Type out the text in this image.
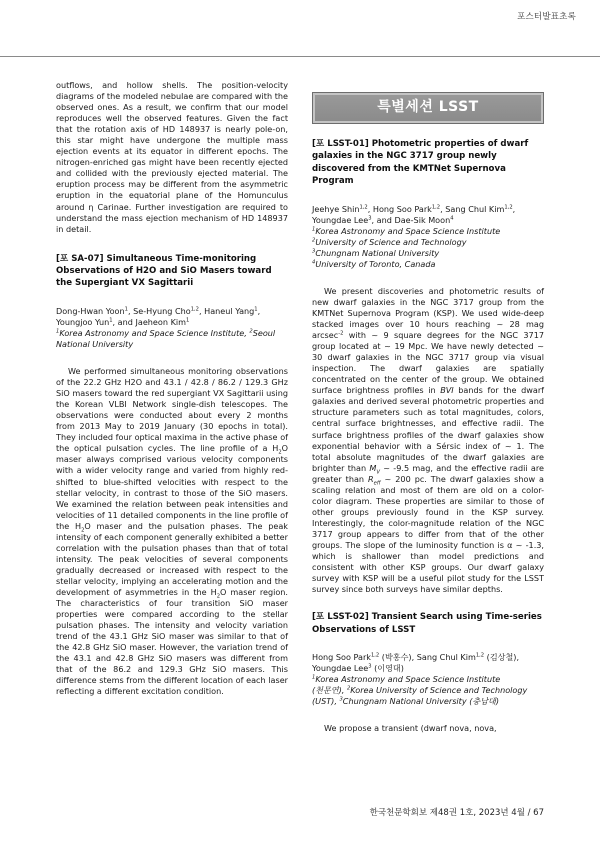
포스터발표초록

outflows, and hollow shells. The position-velocity diagrams of the modeled nebulae are compared with the observed ones. As a result, we confirm that our model reproduces well the observed features. Given the fact that the rotation axis of HD 148937 is nearly pole-on, this star might have undergone the multiple mass ejection events at its equator in different epochs. The nitrogen-enriched gas might have been recently ejected and collided with the previously ejected material. The eruption process may be different from the asymmetric eruption in the equatorial plane of the Homunculus around η Carinae. Further investigation are required to understand the mass ejection mechanism of HD 148937 in detail.

[포 SA-07] Simultaneous Time-monitoring Observations of H2O and SiO Masers toward the Supergiant VX Sagittarii

Dong-Hwan Yoon$^1$, Se-Hyung Cho$^{1,2}$, Haneul Yang$^1$, Youngjoo Yun$^1$, and Jaeheon Kim$^1$

$^1$Korea Astronomy and Space Science Institute, $^2$Seoul National University

We performed simultaneous monitoring observations of the 22.2 GHz H2O and 43.1 / 42.8 / 86.2 / 129.3 GHz SiO masers toward the red supergiant VX Sagittarii using the Korean VLBI Network single-dish telescopes. The observations were conducted about every 2 months from 2013 May to 2019 January (30 epochs in total). They included four optical maxima in the active phase of the optical pulsation cycles. The line profile of a $H_2O$ maser always comprised various velocity components with a wider velocity range and varied from highly red-shifted to blue-shifted velocities with respect to the stellar velocity, in contrast to those of the SiO masers. We examined the relation between peak intensities and velocities of 11 detailed components in the line profile of the $H_2O$ maser and the pulsation phases. The peak intensity of each component generally exhibited a better correlation with the pulsation phases than that of total intensity. The peak velocities of several components gradually decreased or increased with respect to the stellar velocity, implying an accelerating motion and the development of asymmetries in the $H_2O$ maser region. The characteristics of four transition SiO maser properties were compared according to the stellar pulsation phases. The intensity and velocity variation trend of the 43.1 GHz SiO maser was similar to that of the 42.8 GHz SiO maser. However, the variation trend of the 43.1 and 42.8 GHz SiO masers was different from that of the 86.2 and 129.3 GHz SiO masers. This difference stems from the different location of each laser reflecting a different excitation condition.

특별세션 LSST

[포 LSST-01] Photometric properties of dwarf galaxies in the NGC 3717 group newly discovered from the KMTNet Supernova Program

Jeehye Shin$^{1,2}$, Hong Soo Park$^{1,2}$, Sang Chul Kim$^{1,2}$, Youngdae Lee$^3$, and Dae-Sik Moon$^4$

$^1$Korea Astronomy and Space Science Institute

$^2$University of Science and Technology

$^3$Chungnam National University

$^4$University of Toronto, Canada

We present discoveries and photometric results of new dwarf galaxies in the NGC 3717 group from the KMTNet Supernova Program (KSP). We used wide-deep stacked images over 10 hours reaching ~ 28 mag arcsec$^{-2}$ with ~ 9 square degrees for the NGC 3717 group located at ~ 19 Mpc. We have newly detected ~ 30 dwarf galaxies in the NGC 3717 group via visual inspection. The dwarf galaxies are spatially concentrated on the center of the group. We obtained surface brightness profiles in BVI bands for the dwarf galaxies and derived several photometric properties and structure parameters such as total magnitudes, colors, central surface brightnesses, and effective radii. The surface brightness profiles of the dwarf galaxies show exponential behavior with a Sérsic index of ~ 1. The total absolute magnitudes of the dwarf galaxies are brighter than $M_V$ ~ -9.5 mag, and the effective radii are greater than $R_{eff}$ ~ 200 pc. The dwarf galaxies show a scaling relation and most of them are old on a color-color diagram. These properties are similar to those of other groups previously found in the KSP survey. Interestingly, the color-magnitude relation of the NGC 3717 group appears to differ from that of the other groups. The slope of the luminosity function is α ~ -1.3, which is shallower than model predictions and consistent with other KSP groups. Our dwarf galaxy survey with KSP will be a useful pilot study for the LSST survey since both surveys have similar depths.

[포 LSST-02] Transient Search using Time-series Observations of LSST

Hong Soo Park$^{1,2}$ (박홍수), Sang Chul Kim$^{1,2}$ (김상철),
Youngdae Lee$^3$ (이영대)

$^1$Korea Astronomy and Space Science Institute
(천문연), $^2$Korea University of Science and Technology
(UST), $^3$Chungnam National University (충남대)

We propose a transient (dwarf nova, nova,

한국천문학회보 제48권 1호, 2023년 4월 / 67
